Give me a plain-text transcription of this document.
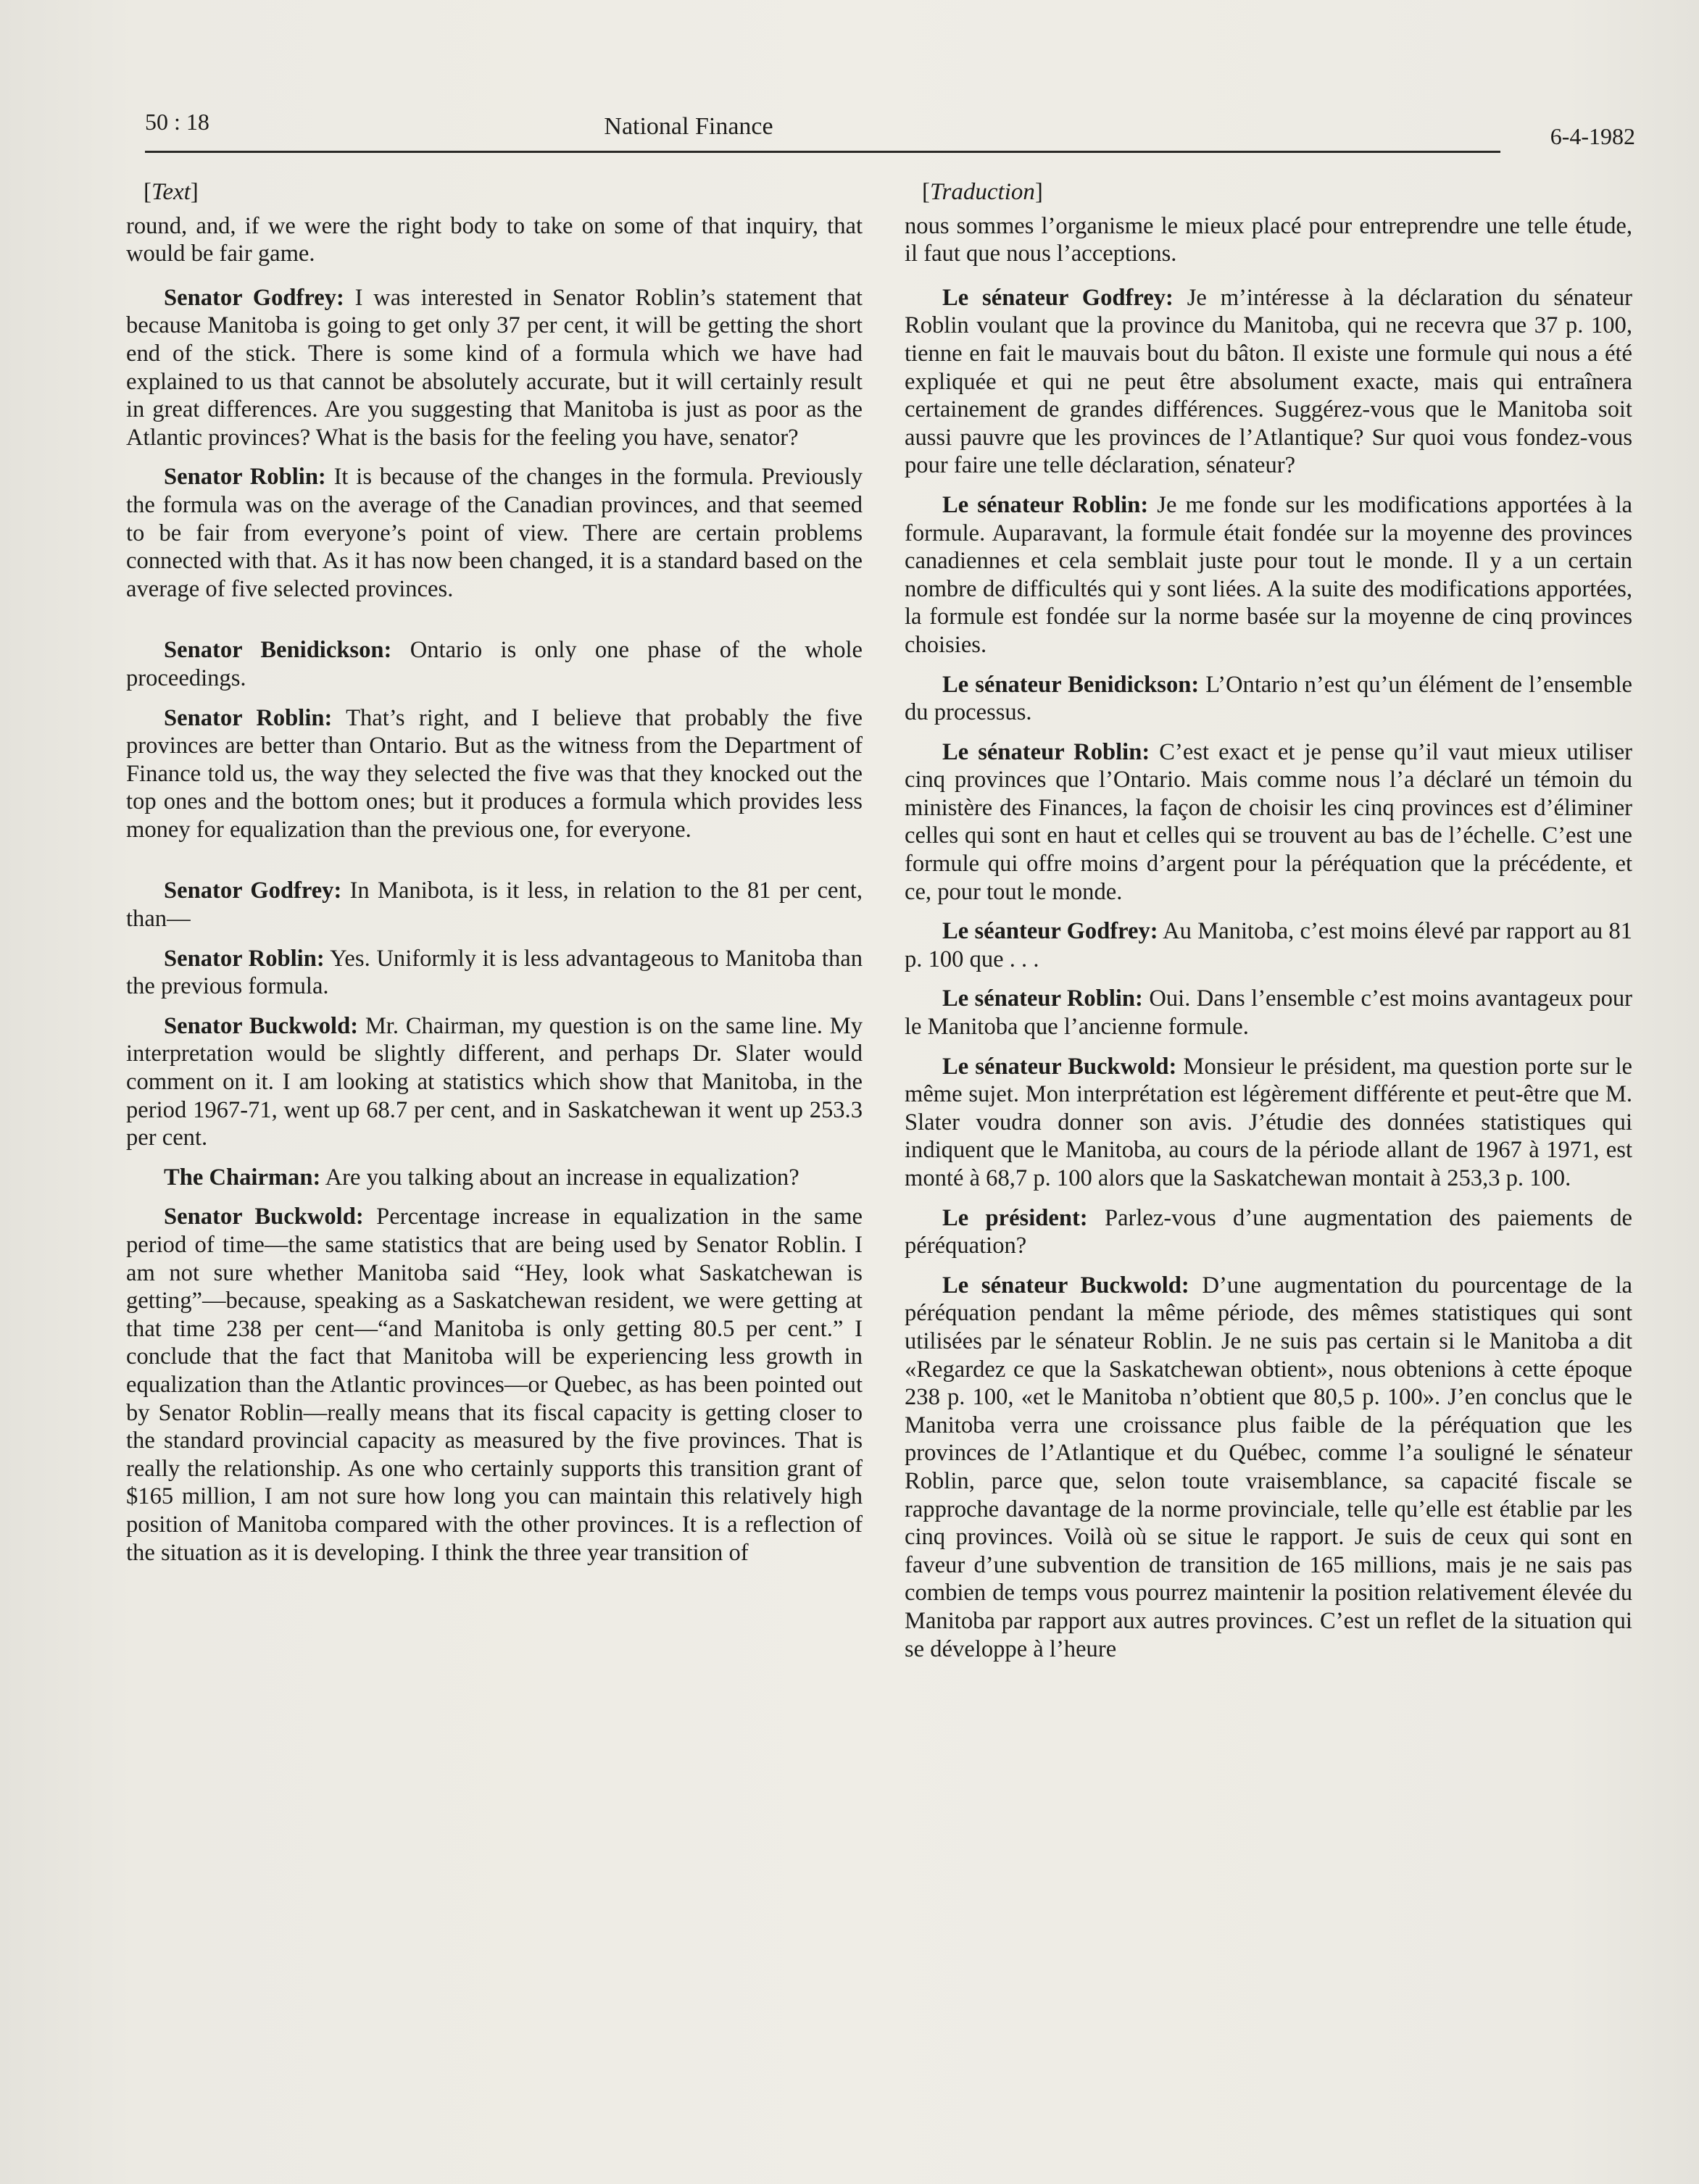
50 : 18	National Finance	6-4-1982
[Text]

round, and, if we were the right body to take on some of that inquiry, that would be fair game.

Senator Godfrey: I was interested in Senator Roblin’s statement that because Manitoba is going to get only 37 per cent, it will be getting the short end of the stick. There is some kind of a formula which we have had explained to us that cannot be absolutely accurate, but it will certainly result in great differences. Are you suggesting that Manitoba is just as poor as the Atlantic provinces? What is the basis for the feeling you have, senator?

Senator Roblin: It is because of the changes in the formula. Previously the formula was on the average of the Canadian provinces, and that seemed to be fair from everyone’s point of view. There are certain problems connected with that. As it has now been changed, it is a standard based on the average of five selected provinces.

Senator Benidickson: Ontario is only one phase of the whole proceedings.

Senator Roblin: That’s right, and I believe that probably the five provinces are better than Ontario. But as the witness from the Department of Finance told us, the way they selected the five was that they knocked out the top ones and the bottom ones; but it produces a formula which provides less money for equalization than the previous one, for everyone.

Senator Godfrey: In Manibota, is it less, in relation to the 81 per cent, than—

Senator Roblin: Yes. Uniformly it is less advantageous to Manitoba than the previous formula.

Senator Buckwold: Mr. Chairman, my question is on the same line. My interpretation would be slightly different, and perhaps Dr. Slater would comment on it. I am looking at statistics which show that Manitoba, in the period 1967-71, went up 68.7 per cent, and in Saskatchewan it went up 253.3 per cent.

The Chairman: Are you talking about an increase in equalization?

Senator Buckwold: Percentage increase in equalization in the same period of time—the same statistics that are being used by Senator Roblin. I am not sure whether Manitoba said “Hey, look what Saskatchewan is getting”—because, speaking as a Saskatchewan resident, we were getting at that time 238 per cent—“and Manitoba is only getting 80.5 per cent.” I conclude that the fact that Manitoba will be experiencing less growth in equalization than the Atlantic provinces—or Quebec, as has been pointed out by Senator Roblin—really means that its fiscal capacity is getting closer to the standard provincial capacity as measured by the five provinces. That is really the relationship. As one who certainly supports this transition grant of $165 million, I am not sure how long you can maintain this relatively high position of Manitoba compared with the other provinces. It is a reflection of the situation as it is developing. I think the three year transition of

[Traduction]

nous sommes l’organisme le mieux placé pour entreprendre une telle étude, il faut que nous l’acceptions.

Le sénateur Godfrey: Je m’intéresse à la déclaration du sénateur Roblin voulant que la province du Manitoba, qui ne recevra que 37 p. 100, tienne en fait le mauvais bout du bâton. Il existe une formule qui nous a été expliquée et qui ne peut être absolument exacte, mais qui entraînera certainement de grandes différences. Suggérez-vous que le Manitoba soit aussi pauvre que les provinces de l’Atlantique? Sur quoi vous fondez-vous pour faire une telle déclaration, sénateur?

Le sénateur Roblin: Je me fonde sur les modifications apportées à la formule. Auparavant, la formule était fondée sur la moyenne des provinces canadiennes et cela semblait juste pour tout le monde. Il y a un certain nombre de difficultés qui y sont liées. A la suite des modifications apportées, la formule est fondée sur la norme basée sur la moyenne de cinq provinces choisies.

Le sénateur Benidickson: L’Ontario n’est qu’un élément de l’ensemble du processus.

Le sénateur Roblin: C’est exact et je pense qu’il vaut mieux utiliser cinq provinces que l’Ontario. Mais comme nous l’a déclaré un témoin du ministère des Finances, la façon de choisir les cinq provinces est d’éliminer celles qui sont en haut et celles qui se trouvent au bas de l’échelle. C’est une formule qui offre moins d’argent pour la péréquation que la précédente, et ce, pour tout le monde.

Le séanteur Godfrey: Au Manitoba, c’est moins élevé par rapport au 81 p. 100 que . . .

Le sénateur Roblin: Oui. Dans l’ensemble c’est moins avantageux pour le Manitoba que l’ancienne formule.

Le sénateur Buckwold: Monsieur le président, ma question porte sur le même sujet. Mon interprétation est légèrement différente et peut-être que M. Slater voudra donner son avis. J’étudie des données statistiques qui indiquent que le Manitoba, au cours de la période allant de 1967 à 1971, est monté à 68,7 p. 100 alors que la Saskatchewan montait à 253,3 p. 100.

Le président: Parlez-vous d’une augmentation des paiements de péréquation?

Le sénateur Buckwold: D’une augmentation du pourcentage de la péréquation pendant la même période, des mêmes statistiques qui sont utilisées par le sénateur Roblin. Je ne suis pas certain si le Manitoba a dit «Regardez ce que la Saskatchewan obtient», nous obtenions à cette époque 238 p. 100, «et le Manitoba n’obtient que 80,5 p. 100». J’en conclus que le Manitoba verra une croissance plus faible de la péréquation que les provinces de l’Atlantique et du Québec, comme l’a souligné le sénateur Roblin, parce que, selon toute vraisemblance, sa capacité fiscale se rapproche davantage de la norme provinciale, telle qu’elle est établie par les cinq provinces. Voilà où se situe le rapport. Je suis de ceux qui sont en faveur d’une subvention de transition de 165 millions, mais je ne sais pas combien de temps vous pourrez maintenir la position relativement élevée du Manitoba par rapport aux autres provinces. C’est un reflet de la situation qui se développe à l’heure
